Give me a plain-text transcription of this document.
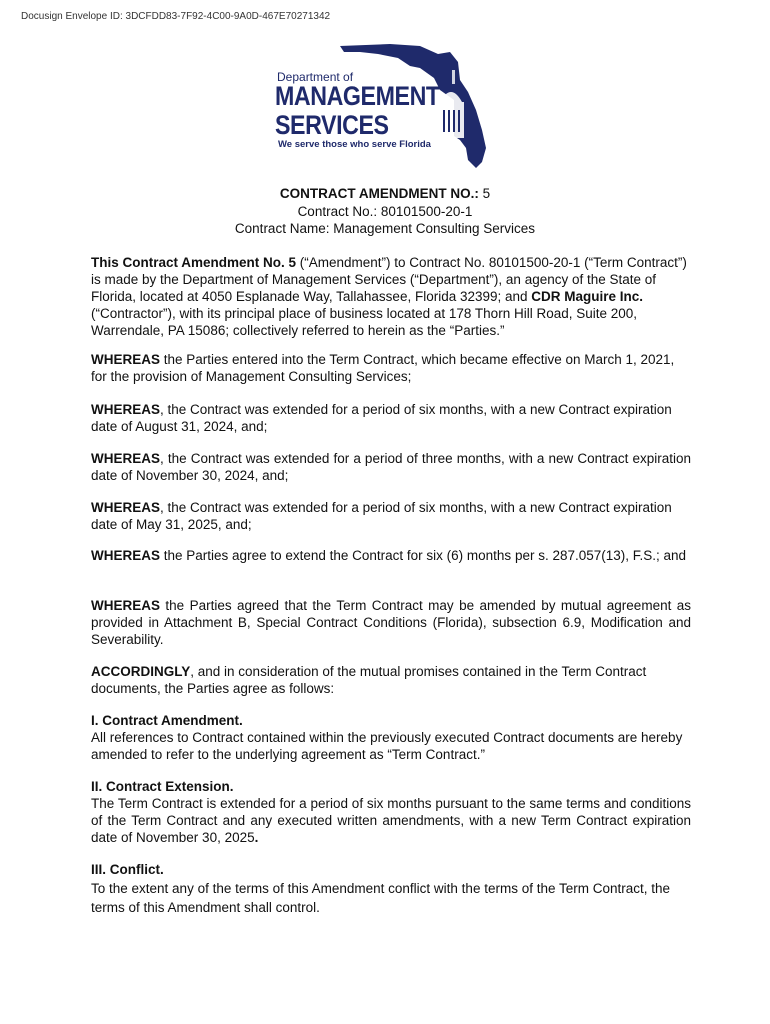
Docusign Envelope ID: 3DCFDD83-7F92-4C00-9A0D-467E70271342
Department of
MANAGEMENT
SERVICES
We serve those who serve Florida
CONTRACT AMENDMENT NO.: 5
Contract No.: 80101500-20-1
Contract Name: Management Consulting Services

This Contract Amendment No. 5 (“Amendment”) to Contract No. 80101500-20-1 (“Term Contract”) is made by the Department of Management Services (“Department”), an agency of the State of Florida, located at 4050 Esplanade Way, Tallahassee, Florida 32399; and CDR Maguire Inc. (“Contractor”), with its principal place of business located at 178 Thorn Hill Road, Suite 200, Warrendale, PA 15086; collectively referred to herein as the “Parties.”

WHEREAS the Parties entered into the Term Contract, which became effective on March 1, 2021, for the provision of Management Consulting Services;

WHEREAS, the Contract was extended for a period of six months, with a new Contract expiration date of August 31, 2024, and;

WHEREAS, the Contract was extended for a period of three months, with a new Contract expiration date of November 30, 2024, and;

WHEREAS, the Contract was extended for a period of six months, with a new Contract expiration date of May 31, 2025, and;

WHEREAS the Parties agree to extend the Contract for six (6) months per s. 287.057(13), F.S.; and

WHEREAS the Parties agreed that the Term Contract may be amended by mutual agreement as provided in Attachment B, Special Contract Conditions (Florida), subsection 6.9, Modification and Severability.

ACCORDINGLY, and in consideration of the mutual promises contained in the Term Contract documents, the Parties agree as follows:

I. Contract Amendment.
All references to Contract contained within the previously executed Contract documents are hereby amended to refer to the underlying agreement as “Term Contract.”

II. Contract Extension.
The Term Contract is extended for a period of six months pursuant to the same terms and conditions of the Term Contract and any executed written amendments, with a new Term Contract expiration date of November 30, 2025.

III. Conflict.
To the extent any of the terms of this Amendment conflict with the terms of the Term Contract, the terms of this Amendment shall control.
